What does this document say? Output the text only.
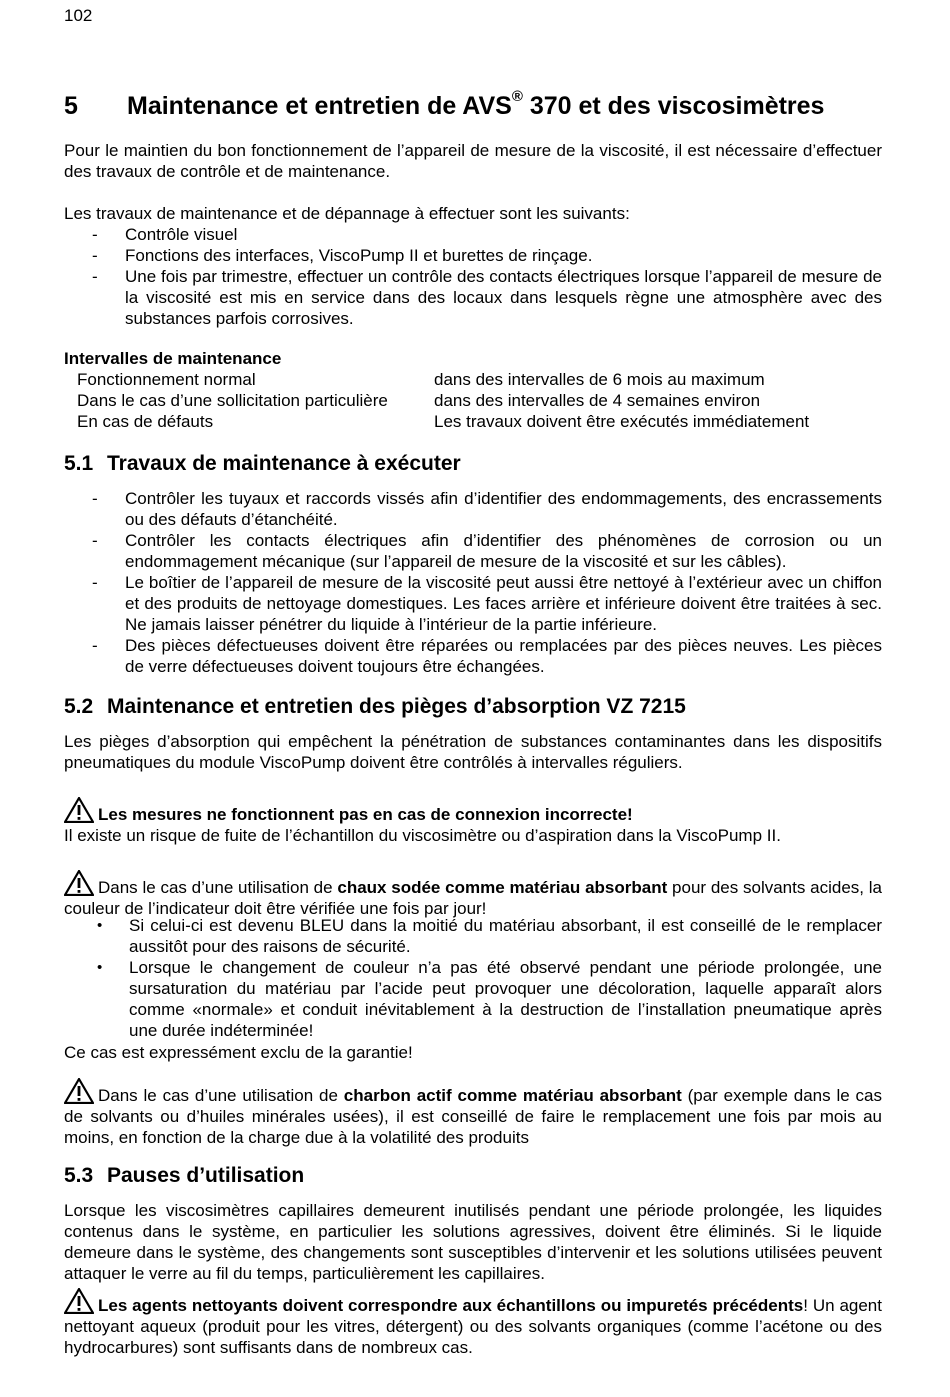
102
5 Maintenance et entretien de AVS® 370 et des viscosimètres
Pour le maintien du bon fonctionnement de l’appareil de mesure de la viscosité, il est nécessaire d’effectuer des travaux de contrôle et de maintenance.
Les travaux de maintenance et de dépannage à effectuer sont les suivants:
- Contrôle visuel
- Fonctions des interfaces, ViscoPump II et burettes de rinçage.
- Une fois par trimestre, effectuer un contrôle des contacts électriques lorsque l’appareil de mesure de la viscosité est mis en service dans des locaux dans lesquels règne une atmosphère avec des substances parfois corrosives.
Intervalles de maintenance
Fonctionnement normal	dans des intervalles de 6 mois au maximum
Dans le cas d’une sollicitation particulière	dans des intervalles de 4 semaines environ
En cas de défauts	Les travaux doivent être exécutés immédiatement
5.1 Travaux de maintenance à exécuter
- Contrôler les tuyaux et raccords vissés afin d’identifier des endommagements, des encrassements ou des défauts d’étanchéité.
- Contrôler les contacts électriques afin d’identifier des phénomènes de corrosion ou un endommagement mécanique (sur l’appareil de mesure de la viscosité et sur les câbles).
- Le boîtier de l’appareil de mesure de la viscosité peut aussi être nettoyé à l’extérieur avec un chiffon et des produits de nettoyage domestiques. Les faces arrière et inférieure doivent être traitées à sec. Ne jamais laisser pénétrer du liquide à l’intérieur de la partie inférieure.
- Des pièces défectueuses doivent être réparées ou remplacées par des pièces neuves. Les pièces de verre défectueuses doivent toujours être échangées.
5.2 Maintenance et entretien des pièges d’absorption VZ 7215
Les pièges d’absorption qui empêchent la pénétration de substances contaminantes dans les dispositifs pneumatiques du module ViscoPump doivent être contrôlés à intervalles réguliers.
Les mesures ne fonctionnent pas en cas de connexion incorrecte!
Il existe un risque de fuite de l’échantillon du viscosimètre ou d’aspiration dans la ViscoPump II.
Dans le cas d’une utilisation de chaux sodée comme matériau absorbant pour des solvants acides, la couleur de l’indicateur doit être vérifiée une fois par jour!
• Si celui-ci est devenu BLEU dans la moitié du matériau absorbant, il est conseillé de le remplacer aussitôt pour des raisons de sécurité.
• Lorsque le changement de couleur n’a pas été observé pendant une période prolongée, une sursaturation du matériau par l’acide peut provoquer une décoloration, laquelle apparaît alors comme «normale» et conduit inévitablement à la destruction de l’installation pneumatique après une durée indéterminée!
Ce cas est expressément exclu de la garantie!
Dans le cas d’une utilisation de charbon actif comme matériau absorbant (par exemple dans le cas de solvants ou d’huiles minérales usées), il est conseillé de faire le remplacement une fois par mois au moins, en fonction de la charge due à la volatilité des produits
5.3 Pauses d’utilisation
Lorsque les viscosimètres capillaires demeurent inutilisés pendant une période prolongée, les liquides contenus dans le système, en particulier les solutions agressives, doivent être éliminés. Si le liquide demeure dans le système, des changements sont susceptibles d’intervenir et les solutions utilisées peuvent attaquer le verre au fil du temps, particulièrement les capillaires.
Les agents nettoyants doivent correspondre aux échantillons ou impuretés précédents! Un agent nettoyant aqueux (produit pour les vitres, détergent) ou des solvants organiques (comme l’acétone ou des hydrocarbures) sont suffisants dans de nombreux cas.
